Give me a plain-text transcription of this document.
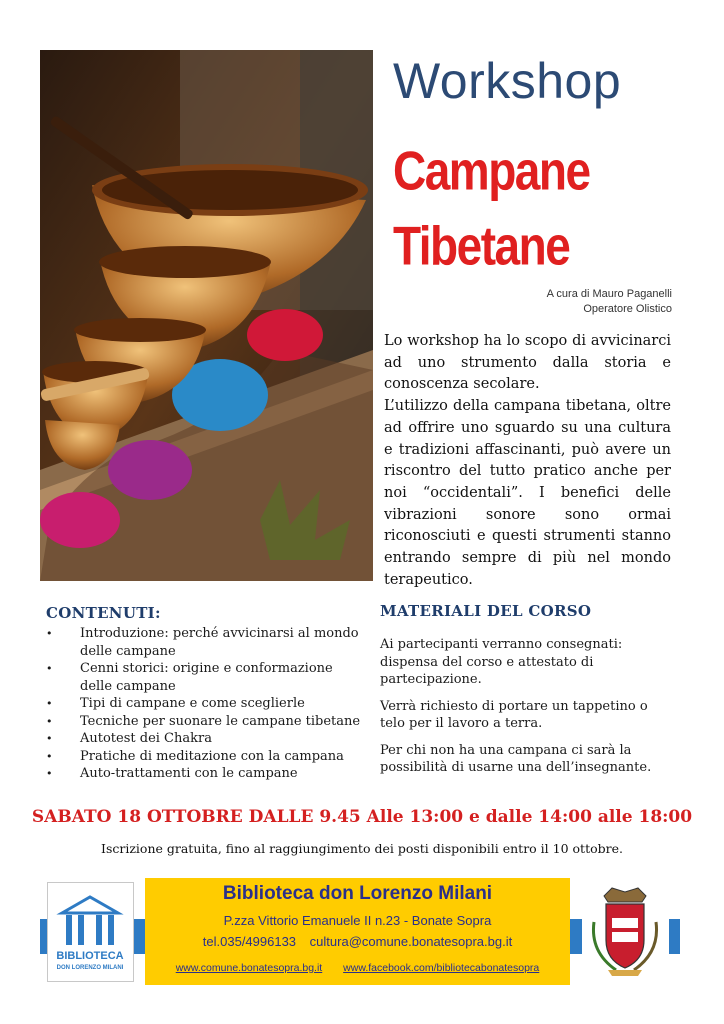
Workshop
Campane
Tibetane
A cura di Mauro Paganelli
Operatore Olistico

Lo workshop ha lo scopo di avvicinarci ad uno strumento dalla storia e conoscenza secolare.

L’utilizzo della campana tibetana, oltre ad offrire uno sguardo su una cultura e tradizioni affascinanti, può avere un riscontro del tutto pratico anche per noi “occidentali”. I benefici delle vibrazioni sonore sono ormai riconosciuti e questi strumenti stanno entrando sempre di più nel mondo terapeutico.

CONTENUTI:
• Introduzione: perché avvicinarsi al mondo delle campane
• Cenni storici: origine e conformazione delle campane
• Tipi di campane e come sceglierle
• Tecniche per suonare le campane tibetane
• Autotest dei Chakra
• Pratiche di meditazione con la campana
• Auto-trattamenti con le campane
MATERIALI DEL CORSO

Ai partecipanti verranno consegnati: dispensa del corso e attestato di partecipazione.

Verrà richiesto di portare un tappetino o telo per il lavoro a terra.

Per chi non ha una campana ci sarà la possibilità di usarne una dell’insegnante.

SABATO 18 OTTOBRE DALLE 9.45 Alle 13:00 e dalle 14:00 alle 18:00
Iscrizione gratuita, fino al raggiungimento dei posti disponibili entro il 10 ottobre.
BIBLIOTECA
DON LORENZO MILANI
Biblioteca don Lorenzo Milani
P.zza Vittorio Emanuele II n.23 - Bonate Sopra
tel.035/4996133 cultura@comune.bonatesopra.bg.it
www.comune.bonatesopra.bg.it www.facebook.com/bibliotecabonatesopra
